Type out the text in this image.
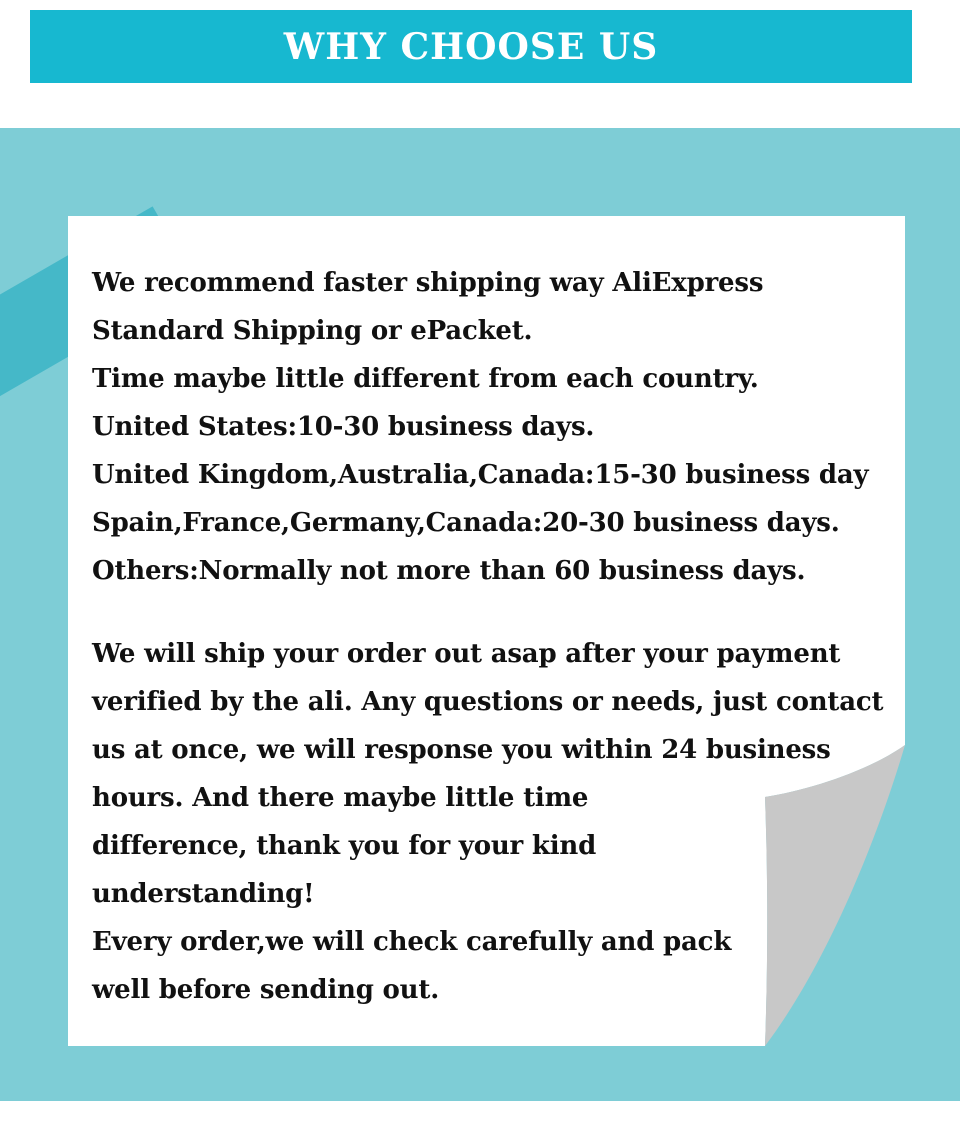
WHY CHOOSE US
We recommend faster shipping way AliExpress
Standard Shipping or ePacket.
Time maybe little different from each country.
United States:10-30 business days.
United Kingdom,Australia,Canada:15-30 business day
Spain,France,Germany,Canada:20-30 business days.
Others:Normally not more than 60 business days.
We will ship your order out asap after your payment
verified by the ali. Any questions or needs, just contact
us at once, we will response you within 24 business
hours. And there maybe little time
difference, thank you for your kind
understanding!
Every order,we will check carefully and pack
well before sending out.
